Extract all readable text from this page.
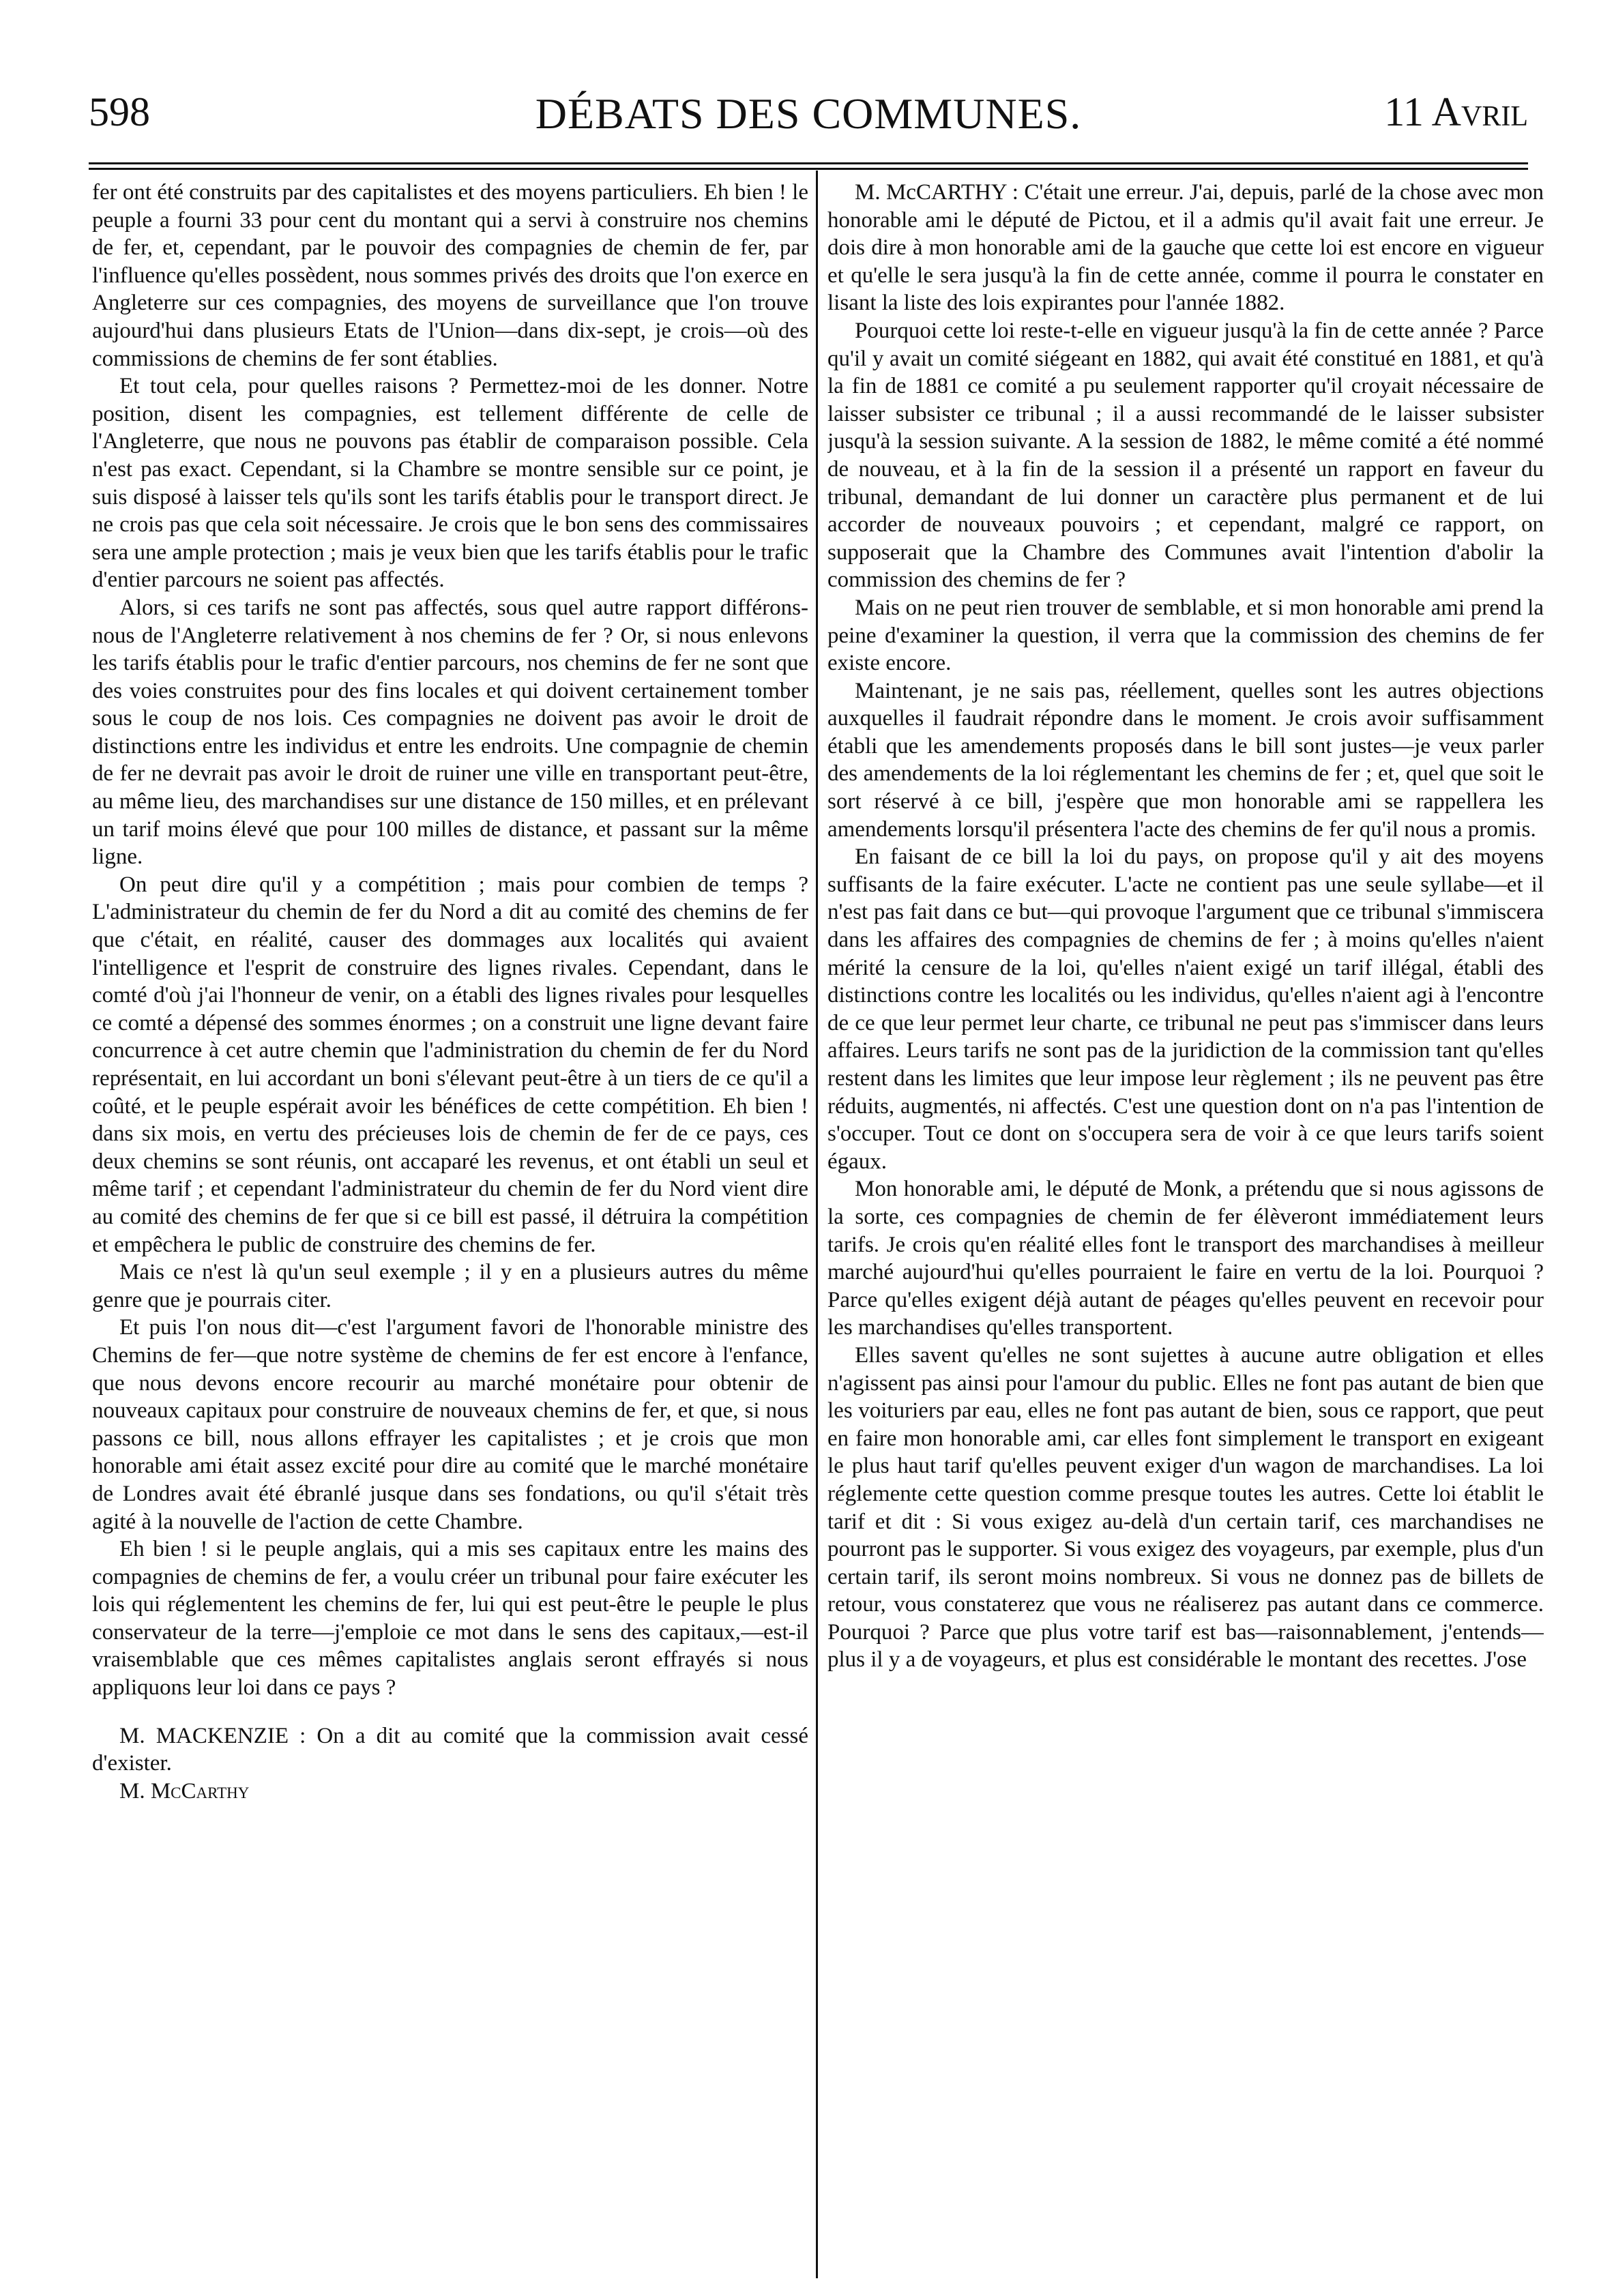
598	DÉBATS DES COMMUNES.	11 Avril

fer ont été construits par des capitalistes et des moyens particuliers. Eh bien ! le peuple a fourni 33 pour cent du montant qui a servi à construire nos chemins de fer, et, cependant, par le pouvoir des compagnies de chemin de fer, par l'influence qu'elles possèdent, nous sommes privés des droits que l'on exerce en Angleterre sur ces compagnies, des moyens de surveillance que l'on trouve aujourd'hui dans plusieurs Etats de l'Union—dans dix-sept, je crois—où des commissions de chemins de fer sont établies.

Et tout cela, pour quelles raisons ? Permettez-moi de les donner. Notre position, disent les compagnies, est tellement différente de celle de l'Angleterre, que nous ne pouvons pas établir de comparaison possible. Cela n'est pas exact. Cependant, si la Chambre se montre sensible sur ce point, je suis disposé à laisser tels qu'ils sont les tarifs établis pour le transport direct. Je ne crois pas que cela soit nécessaire. Je crois que le bon sens des commissaires sera une ample protection ; mais je veux bien que les tarifs établis pour le trafic d'entier parcours ne soient pas affectés.

Alors, si ces tarifs ne sont pas affectés, sous quel autre rapport différons-nous de l'Angleterre relativement à nos chemins de fer ? Or, si nous enlevons les tarifs établis pour le trafic d'entier parcours, nos chemins de fer ne sont que des voies construites pour des fins locales et qui doivent certainement tomber sous le coup de nos lois. Ces compagnies ne doivent pas avoir le droit de distinctions entre les individus et entre les endroits. Une compagnie de chemin de fer ne devrait pas avoir le droit de ruiner une ville en transportant peut-être, au même lieu, des marchandises sur une distance de 150 milles, et en prélevant un tarif moins élevé que pour 100 milles de distance, et passant sur la même ligne.

On peut dire qu'il y a compétition ; mais pour combien de temps ? L'administrateur du chemin de fer du Nord a dit au comité des chemins de fer que c'était, en réalité, causer des dommages aux localités qui avaient l'intelligence et l'esprit de construire des lignes rivales. Cependant, dans le comté d'où j'ai l'honneur de venir, on a établi des lignes rivales pour lesquelles ce comté a dépensé des sommes énormes ; on a construit une ligne devant faire concurrence à cet autre chemin que l'administration du chemin de fer du Nord représentait, en lui accordant un boni s'élevant peut-être à un tiers de ce qu'il a coûté, et le peuple espérait avoir les bénéfices de cette compétition. Eh bien ! dans six mois, en vertu des précieuses lois de chemin de fer de ce pays, ces deux chemins se sont réunis, ont accaparé les revenus, et ont établi un seul et même tarif ; et cependant l'administrateur du chemin de fer du Nord vient dire au comité des chemins de fer que si ce bill est passé, il détruira la compétition et empêchera le public de construire des chemins de fer.

Mais ce n'est là qu'un seul exemple ; il y en a plusieurs autres du même genre que je pourrais citer.

Et puis l'on nous dit—c'est l'argument favori de l'honorable ministre des Chemins de fer—que notre système de chemins de fer est encore à l'enfance, que nous devons encore recourir au marché monétaire pour obtenir de nouveaux capitaux pour construire de nouveaux chemins de fer, et que, si nous passons ce bill, nous allons effrayer les capitalistes ; et je crois que mon honorable ami était assez excité pour dire au comité que le marché monétaire de Londres avait été ébranlé jusque dans ses fondations, ou qu'il s'était très agité à la nouvelle de l'action de cette Chambre.

Eh bien ! si le peuple anglais, qui a mis ses capitaux entre les mains des compagnies de chemins de fer, a voulu créer un tribunal pour faire exécuter les lois qui réglementent les chemins de fer, lui qui est peut-être le peuple le plus conservateur de la terre—j'emploie ce mot dans le sens des capitaux,—est-il vraisemblable que ces mêmes capitalistes anglais seront effrayés si nous appliquons leur loi dans ce pays ?

M. MACKENZIE : On a dit au comité que la commission avait cessé d'exister.

M. McCarthy

M. McCARTHY : C'était une erreur. J'ai, depuis, parlé de la chose avec mon honorable ami le député de Pictou, et il a admis qu'il avait fait une erreur. Je dois dire à mon honorable ami de la gauche que cette loi est encore en vigueur et qu'elle le sera jusqu'à la fin de cette année, comme il pourra le constater en lisant la liste des lois expirantes pour l'année 1882.

Pourquoi cette loi reste-t-elle en vigueur jusqu'à la fin de cette année ? Parce qu'il y avait un comité siégeant en 1882, qui avait été constitué en 1881, et qu'à la fin de 1881 ce comité a pu seulement rapporter qu'il croyait nécessaire de laisser subsister ce tribunal ; il a aussi recommandé de le laisser subsister jusqu'à la session suivante. A la session de 1882, le même comité a été nommé de nouveau, et à la fin de la session il a présenté un rapport en faveur du tribunal, demandant de lui donner un caractère plus permanent et de lui accorder de nouveaux pouvoirs ; et cependant, malgré ce rapport, on supposerait que la Chambre des Communes avait l'intention d'abolir la commission des chemins de fer ?

Mais on ne peut rien trouver de semblable, et si mon honorable ami prend la peine d'examiner la question, il verra que la commission des chemins de fer existe encore.

Maintenant, je ne sais pas, réellement, quelles sont les autres objections auxquelles il faudrait répondre dans le moment. Je crois avoir suffisamment établi que les amendements proposés dans le bill sont justes—je veux parler des amendements de la loi réglementant les chemins de fer ; et, quel que soit le sort réservé à ce bill, j'espère que mon honorable ami se rappellera les amendements lorsqu'il présentera l'acte des chemins de fer qu'il nous a promis.

En faisant de ce bill la loi du pays, on propose qu'il y ait des moyens suffisants de la faire exécuter. L'acte ne contient pas une seule syllabe—et il n'est pas fait dans ce but—qui provoque l'argument que ce tribunal s'immiscera dans les affaires des compagnies de chemins de fer ; à moins qu'elles n'aient mérité la censure de la loi, qu'elles n'aient exigé un tarif illégal, établi des distinctions contre les localités ou les individus, qu'elles n'aient agi à l'encontre de ce que leur permet leur charte, ce tribunal ne peut pas s'immiscer dans leurs affaires. Leurs tarifs ne sont pas de la juridiction de la commission tant qu'elles restent dans les limites que leur impose leur règlement ; ils ne peuvent pas être réduits, augmentés, ni affectés. C'est une question dont on n'a pas l'intention de s'occuper. Tout ce dont on s'occupera sera de voir à ce que leurs tarifs soient égaux.

Mon honorable ami, le député de Monk, a prétendu que si nous agissons de la sorte, ces compagnies de chemin de fer élèveront immédiatement leurs tarifs. Je crois qu'en réalité elles font le transport des marchandises à meilleur marché aujourd'hui qu'elles pourraient le faire en vertu de la loi. Pourquoi ? Parce qu'elles exigent déjà autant de péages qu'elles peuvent en recevoir pour les marchandises qu'elles transportent.

Elles savent qu'elles ne sont sujettes à aucune autre obligation et elles n'agissent pas ainsi pour l'amour du public. Elles ne font pas autant de bien que les voituriers par eau, elles ne font pas autant de bien, sous ce rapport, que peut en faire mon honorable ami, car elles font simplement le transport en exigeant le plus haut tarif qu'elles peuvent exiger d'un wagon de marchandises. La loi réglemente cette question comme presque toutes les autres. Cette loi établit le tarif et dit : Si vous exigez au-delà d'un certain tarif, ces marchandises ne pourront pas le supporter. Si vous exigez des voyageurs, par exemple, plus d'un certain tarif, ils seront moins nombreux. Si vous ne donnez pas de billets de retour, vous constaterez que vous ne réaliserez pas autant dans ce commerce. Pourquoi ? Parce que plus votre tarif est bas—raisonnablement, j'entends—plus il y a de voyageurs, et plus est considérable le montant des recettes. J'ose
